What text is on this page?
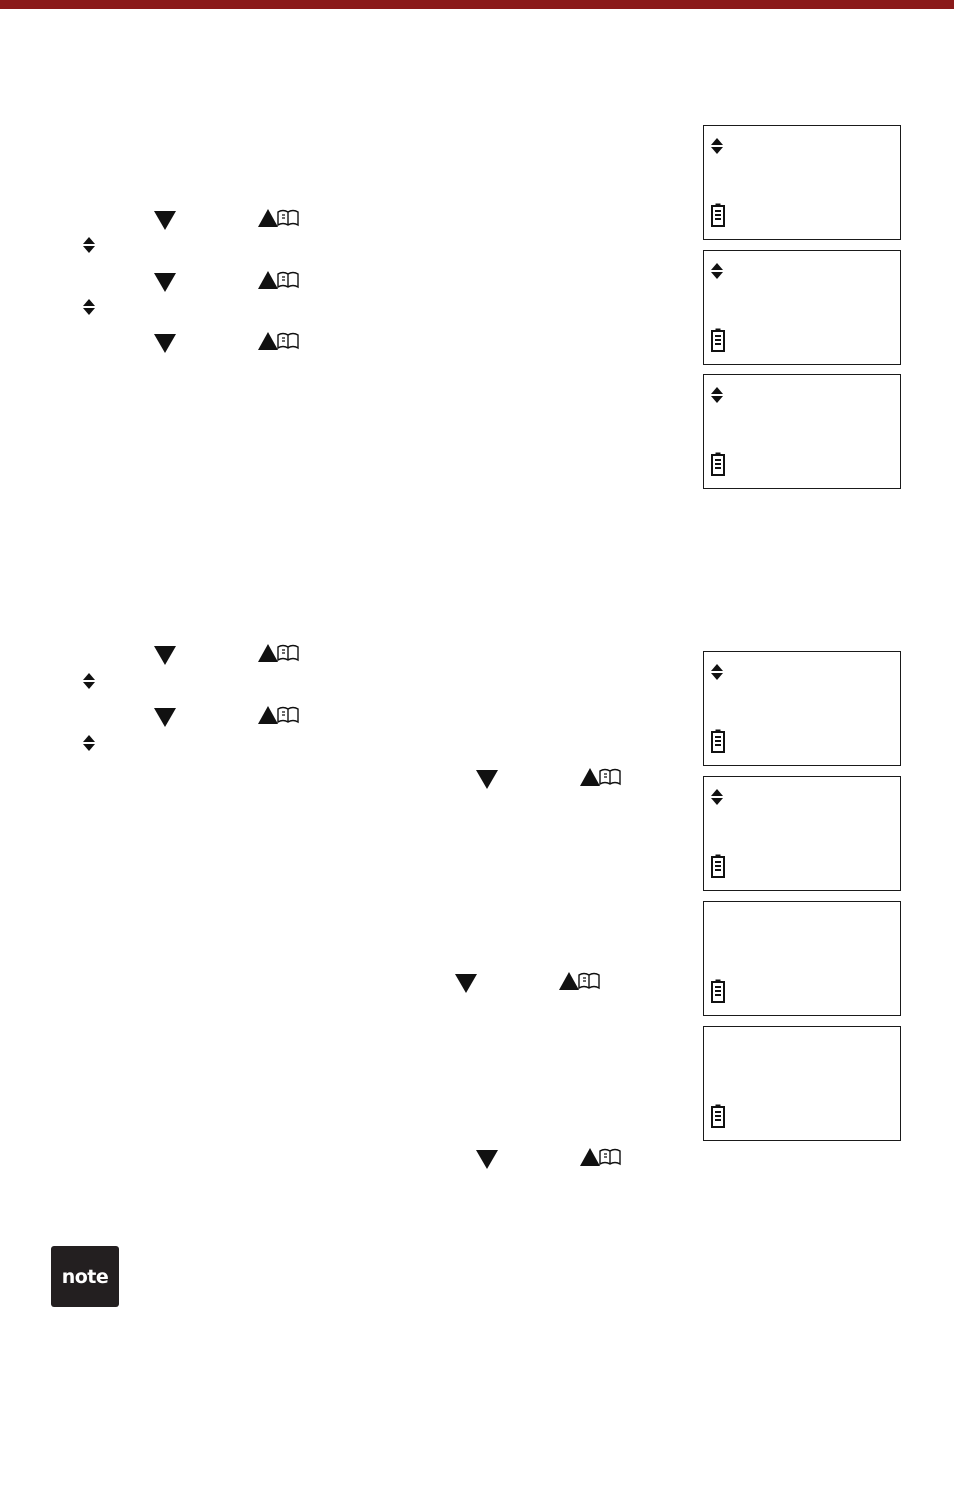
note
